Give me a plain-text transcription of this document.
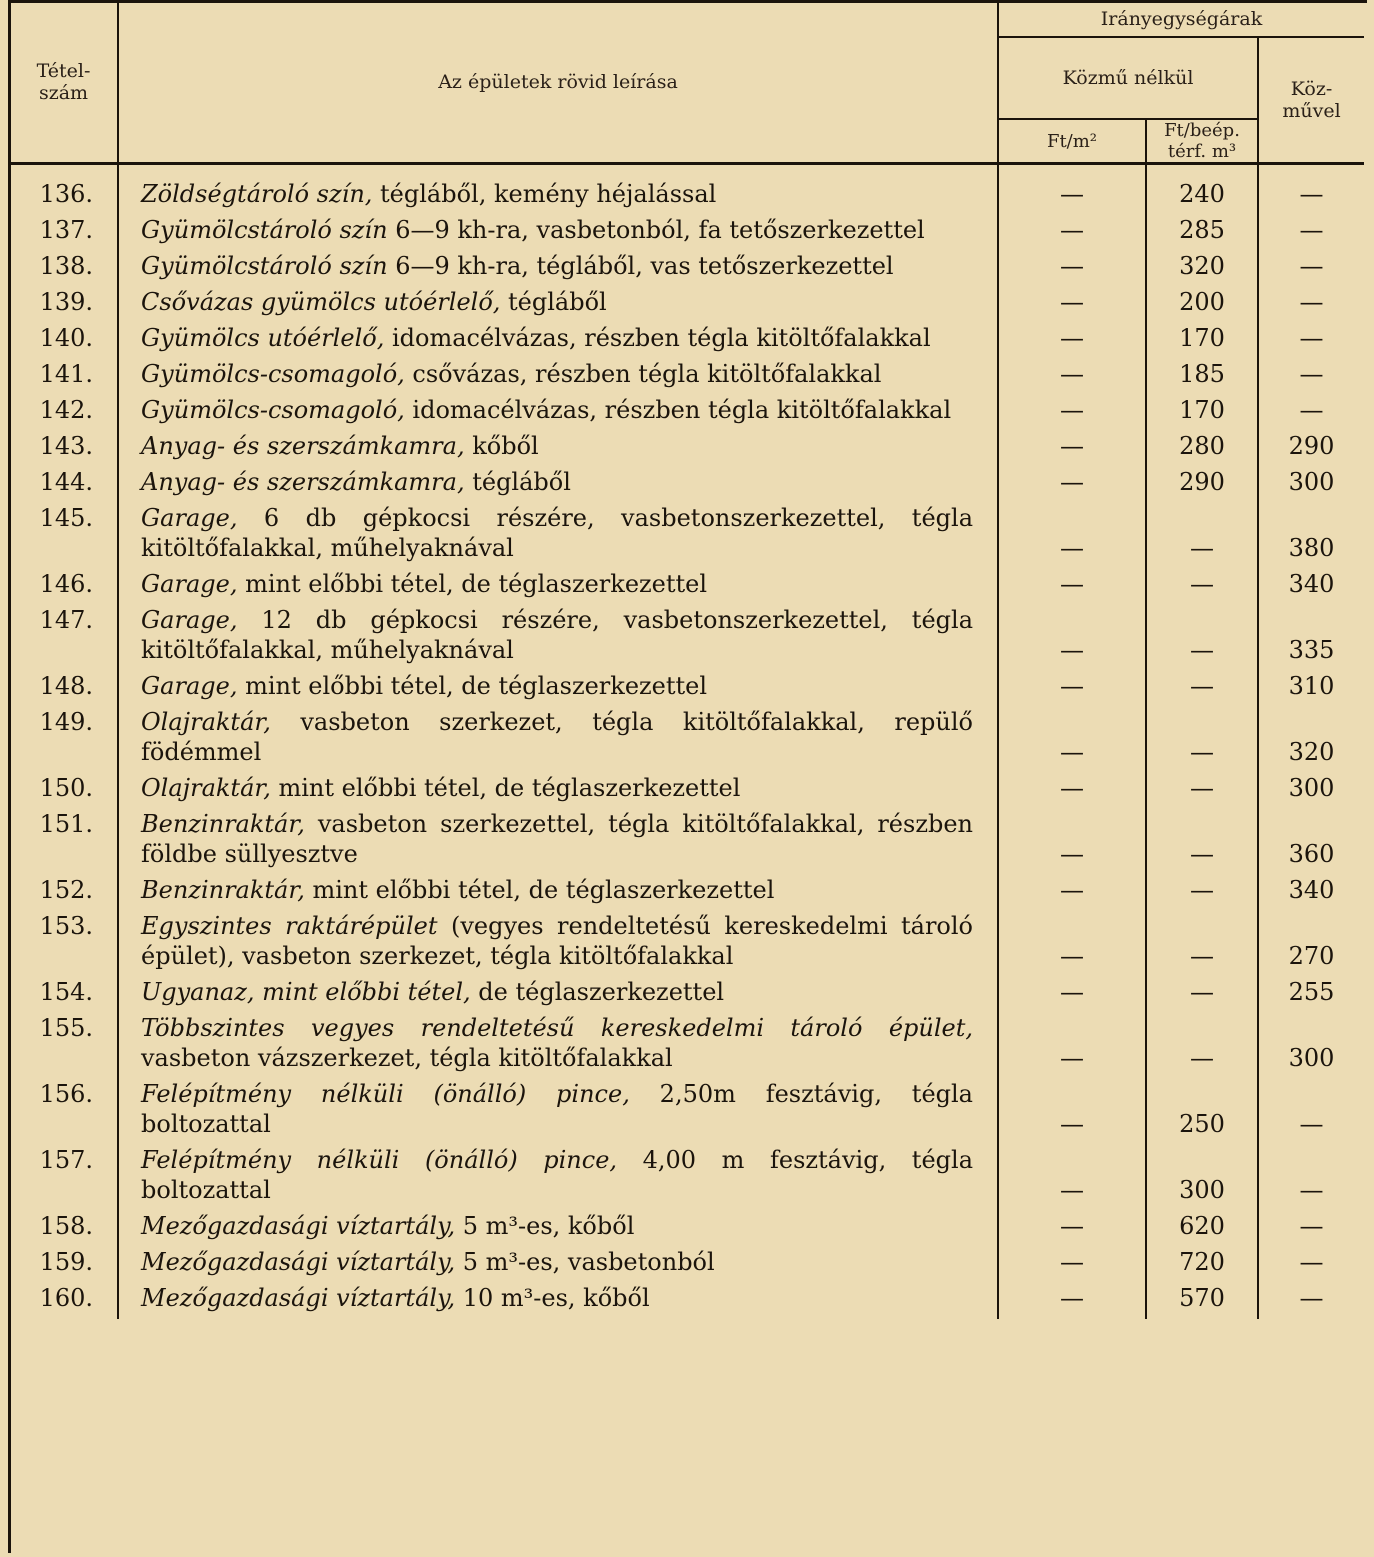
Tétel-
szám	Az épületek rövid leírása	Irányegységárak		
		Közmű nélkül		Köz-
művel
		Ft/m²	Ft/beép. térf. m³	

136.	Zöldségtároló szín, tégláből, kemény héjalással	—	240	—
137.	Gyümölcstároló szín 6—9 kh-ra, vasbetonból, fa tetőszerkezettel	—	285	—
138.	Gyümölcstároló szín 6—9 kh-ra, tégláből, vas tetőszerkezettel	—	320	—
139.	Csővázas gyümölcs utóérlelő, tégláből	—	200	—
140.	Gyümölcs utóérlelő, idomacélvázas, részben tégla kitöltőfalakkal	—	170	—
141.	Gyümölcs-csomagoló, csővázas, részben tégla kitöltőfalakkal	—	185	—
142.	Gyümölcs-csomagoló, idomacélvázas, részben tégla kitöltőfalakkal	—	170	—
143.	Anyag- és szerszámkamra, kőből	—	280	290
144.	Anyag- és szerszámkamra, tégláből	—	290	300
145.	Garage, 6 db gépkocsi részére, vasbetonszerkezettel, tégla kitöltőfalakkal, műhelyaknával	—	—	380
146.	Garage, mint előbbi tétel, de téglaszerkezettel	—	—	340
147.	Garage, 12 db gépkocsi részére, vasbetonszerkezettel, tégla kitöltőfalakkal, műhelyaknával	—	—	335
148.	Garage, mint előbbi tétel, de téglaszerkezettel	—	—	310
149.	Olajraktár, vasbeton szerkezet, tégla kitöltőfalakkal, repülő födémmel	—	—	320
150.	Olajraktár, mint előbbi tétel, de téglaszerkezettel	—	—	300
151.	Benzinraktár, vasbeton szerkezettel, tégla kitöltőfalakkal, részben földbe süllyesztve	—	—	360
152.	Benzinraktár, mint előbbi tétel, de téglaszerkezettel	—	—	340
153.	Egyszintes raktárépület (vegyes rendeltetésű kereskedelmi tároló épület), vasbeton szerkezet, tégla kitöltőfalakkal	—	—	270
154.	Ugyanaz, mint előbbi tétel, de téglaszerkezettel	—	—	255
155.	Többszintes vegyes rendeltetésű kereskedelmi tároló épület, vasbeton vázszerkezet, tégla kitöltőfalakkal	—	—	300
156.	Felépítmény nélküli (önálló) pince, 2,50m fesztávig, tégla boltozattal	—	250	—
157.	Felépítmény nélküli (önálló) pince, 4,00 m fesztávig, tégla boltozattal	—	300	—
158.	Mezőgazdasági víztartály, 5 m³-es, kőből	—	620	—
159.	Mezőgazdasági víztartály, 5 m³-es, vasbetonból	—	720	—
160.	Mezőgazdasági víztartály, 10 m³-es, kőből	—	570	—
